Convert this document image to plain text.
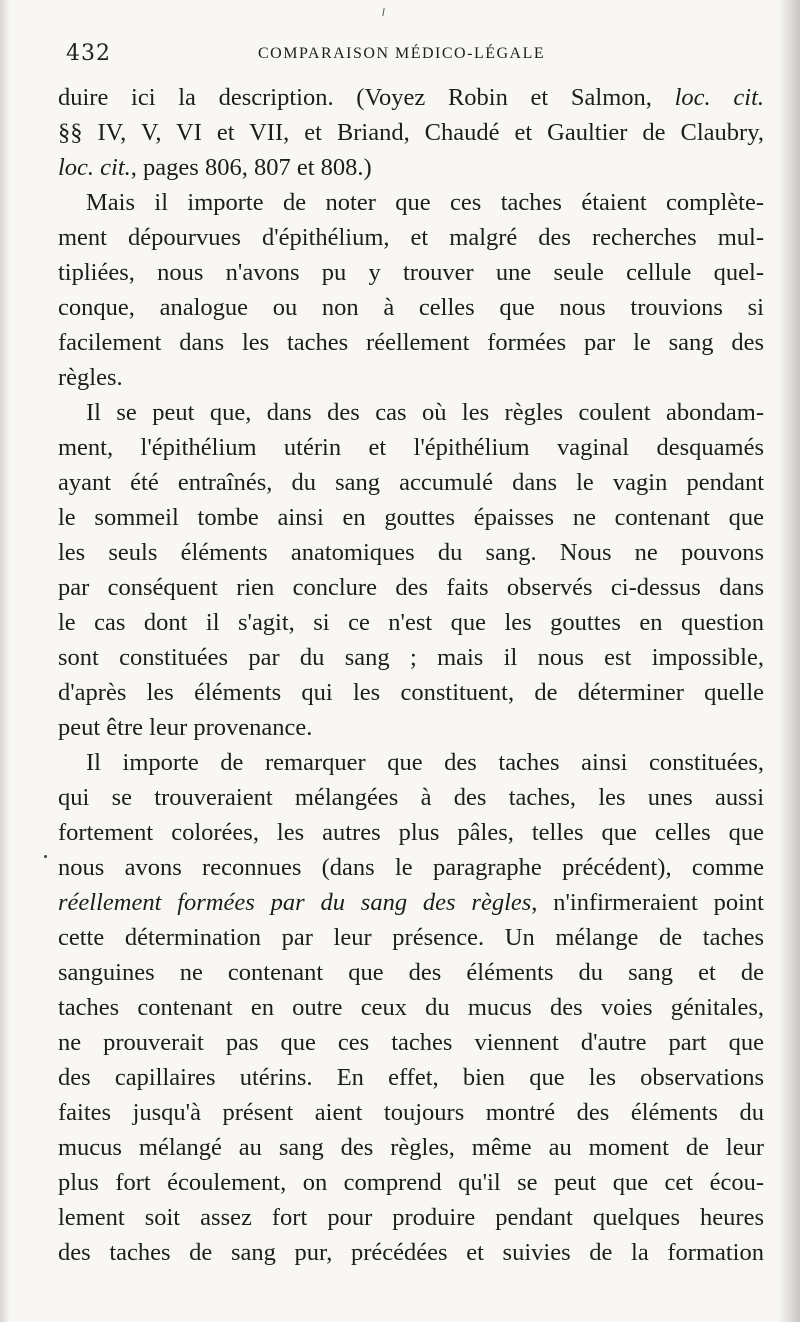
432	COMPARAISON MÉDICO-LÉGALE
duire ici la description. (Voyez Robin et Salmon, loc. cit.
§§ IV, V, VI et VII, et Briand, Chaudé et Gaultier de Claubry,
loc. cit., pages 806, 807 et 808.)
Mais il importe de noter que ces taches étaient complète-
ment dépourvues d'épithélium, et malgré des recherches mul-
tipliées, nous n'avons pu y trouver une seule cellule quel-
conque, analogue ou non à celles que nous trouvions si
facilement dans les taches réellement formées par le sang des
règles.
Il se peut que, dans des cas où les règles coulent abondam-
ment, l'épithélium utérin et l'épithélium vaginal desquamés
ayant été entraînés, du sang accumulé dans le vagin pendant
le sommeil tombe ainsi en gouttes épaisses ne contenant que
les seuls éléments anatomiques du sang. Nous ne pouvons
par conséquent rien conclure des faits observés ci-dessus dans
le cas dont il s'agit, si ce n'est que les gouttes en question
sont constituées par du sang ; mais il nous est impossible,
d'après les éléments qui les constituent, de déterminer quelle
peut être leur provenance.
Il importe de remarquer que des taches ainsi constituées,
qui se trouveraient mélangées à des taches, les unes aussi
fortement colorées, les autres plus pâles, telles que celles que
nous avons reconnues (dans le paragraphe précédent), comme
réellement formées par du sang des règles, n'infirmeraient point
cette détermination par leur présence. Un mélange de taches
sanguines ne contenant que des éléments du sang et de
taches contenant en outre ceux du mucus des voies génitales,
ne prouverait pas que ces taches viennent d'autre part que
des capillaires utérins. En effet, bien que les observations
faites jusqu'à présent aient toujours montré des éléments du
mucus mélangé au sang des règles, même au moment de leur
plus fort écoulement, on comprend qu'il se peut que cet écou-
lement soit assez fort pour produire pendant quelques heures
des taches de sang pur, précédées et suivies de la formation
